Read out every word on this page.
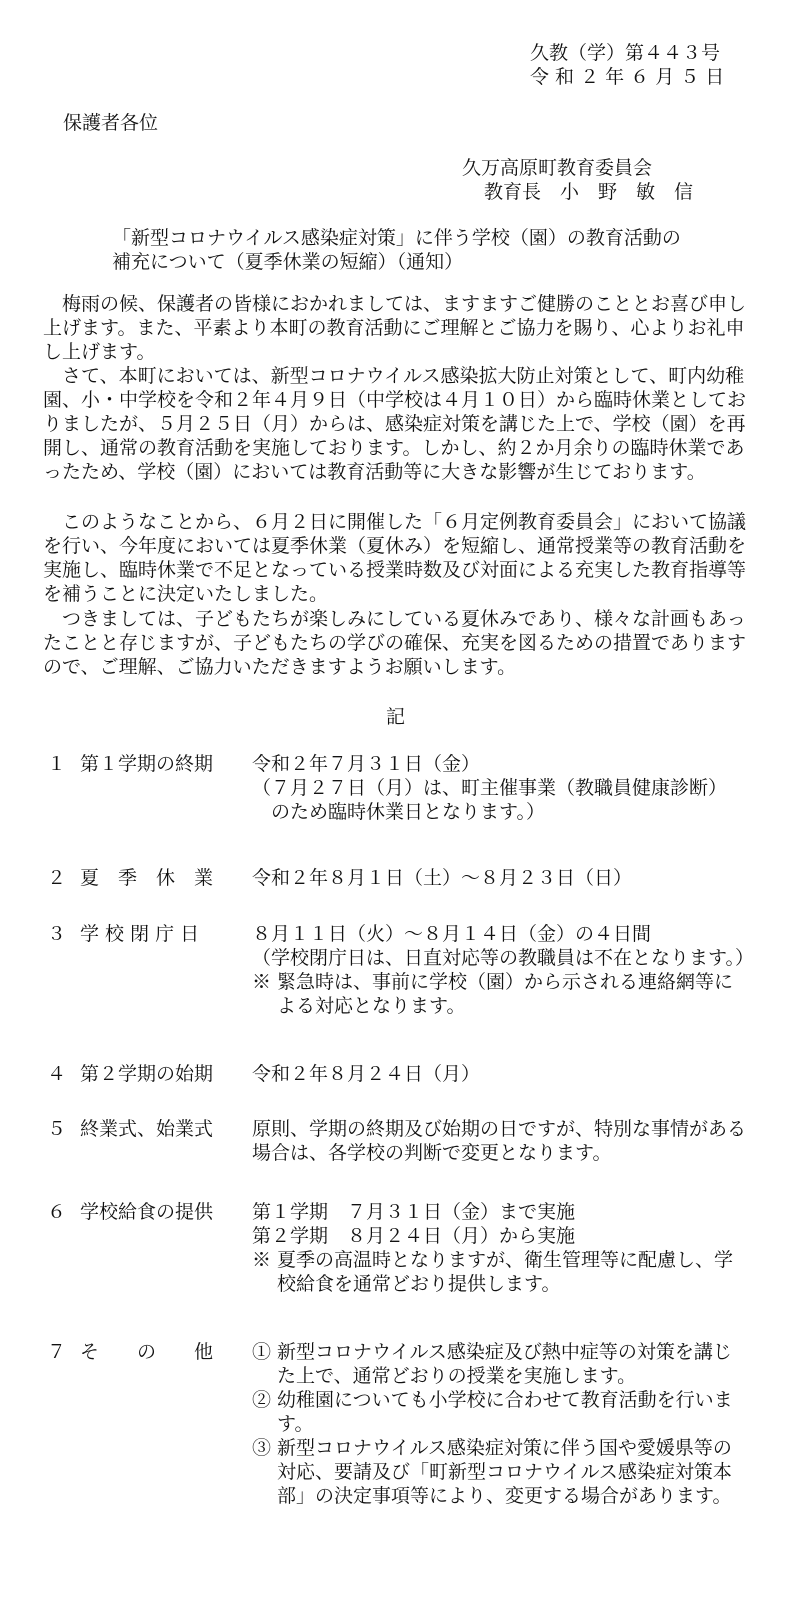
久教（学）第４４３号
令 和 ２ 年 ６ 月 ５ 日
保護者各位
久万高原町教育委員会
教育長　小　野　敏　信
「新型コロナウイルス感染症対策」に伴う学校（園）の教育活動の
補充について（夏季休業の短縮）（通知）

梅雨の候、保護者の皆様におかれましては、ますますご健勝のこととお喜び申し

上げます。また、平素より本町の教育活動にご理解とご協力を賜り、心よりお礼申

し上げます。

さて、本町においては、新型コロナウイルス感染拡大防止対策として、町内幼稚

園、小・中学校を令和２年４月９日（中学校は４月１０日）から臨時休業としてお

りましたが、５月２５日（月）からは、感染症対策を講じた上で、学校（園）を再

開し、通常の教育活動を実施しております。しかし、約２か月余りの臨時休業であ

ったため、学校（園）においては教育活動等に大きな影響が生じております。

このようなことから、６月２日に開催した「６月定例教育委員会」において協議

を行い、今年度においては夏季休業（夏休み）を短縮し、通常授業等の教育活動を

実施し、臨時休業で不足となっている授業時数及び対面による充実した教育指導等

を補うことに決定いたしました。

つきましては、子どもたちが楽しみにしている夏休みであり、様々な計画もあっ

たことと存じますが、子どもたちの学びの確保、充実を図るための措置であります

ので、ご理解、ご協力いただきますようお願いします。

記
１ 第１学期の終期 令和２年７月３１日（金）
（７月２７日（月）は、町主催事業（教職員健康診断）
　のため臨時休業日となります。）
２ 夏　季　休　業 令和２年８月１日（土）～８月２３日（日）
３ 学 校 閉 庁 日	８月１１日（火）～８月１４日（金）の４日間
（学校閉庁日は、日直対応等の教職員は不在となります。）
※ 緊急時は、事前に学校（園）から示される連絡網等に
　 よる対応となります。
４ 第２学期の始期 令和２年８月２４日（月）
５ 終業式、始業式 原則、学期の終期及び始期の日ですが、特別な事情がある
場合は、各学校の判断で変更となります。
６ 学校給食の提供 第１学期　７月３１日（金）まで実施
第２学期　８月２４日（月）から実施
※ 夏季の高温時となりますが、衛生管理等に配慮し、学
　 校給食を通常どおり提供します。
７ そ　　の　　他 ① 新型コロナウイルス感染症及び熱中症等の対策を講じ
　 た上で、通常どおりの授業を実施します。
② 幼稚園についても小学校に合わせて教育活動を行いま
　 す。
③ 新型コロナウイルス感染症対策に伴う国や愛媛県等の
　 対応、要請及び「町新型コロナウイルス感染症対策本
　 部」の決定事項等により、変更する場合があります。
